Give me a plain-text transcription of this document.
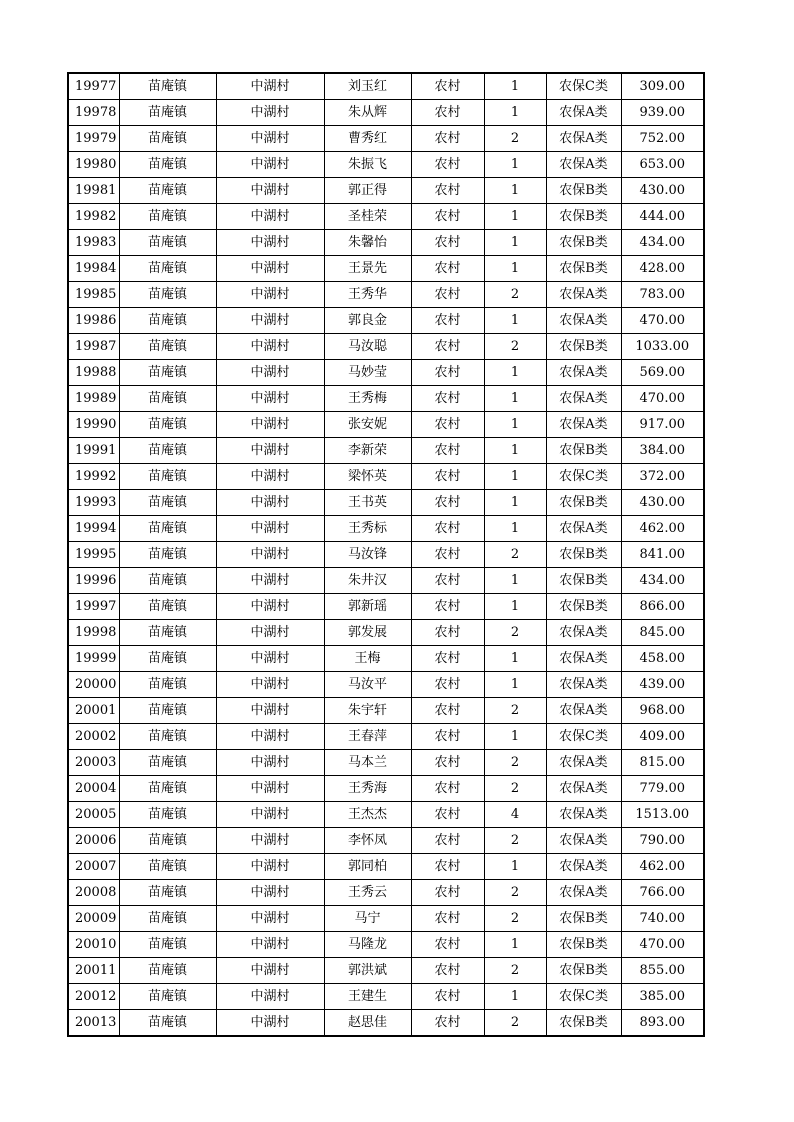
19977	苗庵镇	中湖村	刘玉红	农村	1	农保C类	309.00
19978	苗庵镇	中湖村	朱从辉	农村	1	农保A类	939.00
19979	苗庵镇	中湖村	曹秀红	农村	2	农保A类	752.00
19980	苗庵镇	中湖村	朱振飞	农村	1	农保A类	653.00
19981	苗庵镇	中湖村	郭正得	农村	1	农保B类	430.00
19982	苗庵镇	中湖村	圣桂荣	农村	1	农保B类	444.00
19983	苗庵镇	中湖村	朱馨怡	农村	1	农保B类	434.00
19984	苗庵镇	中湖村	王景先	农村	1	农保B类	428.00
19985	苗庵镇	中湖村	王秀华	农村	2	农保A类	783.00
19986	苗庵镇	中湖村	郭良金	农村	1	农保A类	470.00
19987	苗庵镇	中湖村	马汝聪	农村	2	农保B类	1033.00
19988	苗庵镇	中湖村	马妙莹	农村	1	农保A类	569.00
19989	苗庵镇	中湖村	王秀梅	农村	1	农保A类	470.00
19990	苗庵镇	中湖村	张安妮	农村	1	农保A类	917.00
19991	苗庵镇	中湖村	李新荣	农村	1	农保B类	384.00
19992	苗庵镇	中湖村	梁怀英	农村	1	农保C类	372.00
19993	苗庵镇	中湖村	王书英	农村	1	农保B类	430.00
19994	苗庵镇	中湖村	王秀标	农村	1	农保A类	462.00
19995	苗庵镇	中湖村	马汝锋	农村	2	农保B类	841.00
19996	苗庵镇	中湖村	朱井汉	农村	1	农保B类	434.00
19997	苗庵镇	中湖村	郭新瑶	农村	1	农保B类	866.00
19998	苗庵镇	中湖村	郭发展	农村	2	农保A类	845.00
19999	苗庵镇	中湖村	王梅	农村	1	农保A类	458.00
20000	苗庵镇	中湖村	马汝平	农村	1	农保A类	439.00
20001	苗庵镇	中湖村	朱宇轩	农村	2	农保A类	968.00
20002	苗庵镇	中湖村	王春萍	农村	1	农保C类	409.00
20003	苗庵镇	中湖村	马本兰	农村	2	农保A类	815.00
20004	苗庵镇	中湖村	王秀海	农村	2	农保A类	779.00
20005	苗庵镇	中湖村	王杰杰	农村	4	农保A类	1513.00
20006	苗庵镇	中湖村	李怀凤	农村	2	农保A类	790.00
20007	苗庵镇	中湖村	郭同柏	农村	1	农保A类	462.00
20008	苗庵镇	中湖村	王秀云	农村	2	农保A类	766.00
20009	苗庵镇	中湖村	马宁	农村	2	农保B类	740.00
20010	苗庵镇	中湖村	马隆龙	农村	1	农保B类	470.00
20011	苗庵镇	中湖村	郭洪斌	农村	2	农保B类	855.00
20012	苗庵镇	中湖村	王建生	农村	1	农保C类	385.00
20013	苗庵镇	中湖村	赵思佳	农村	2	农保B类	893.00
